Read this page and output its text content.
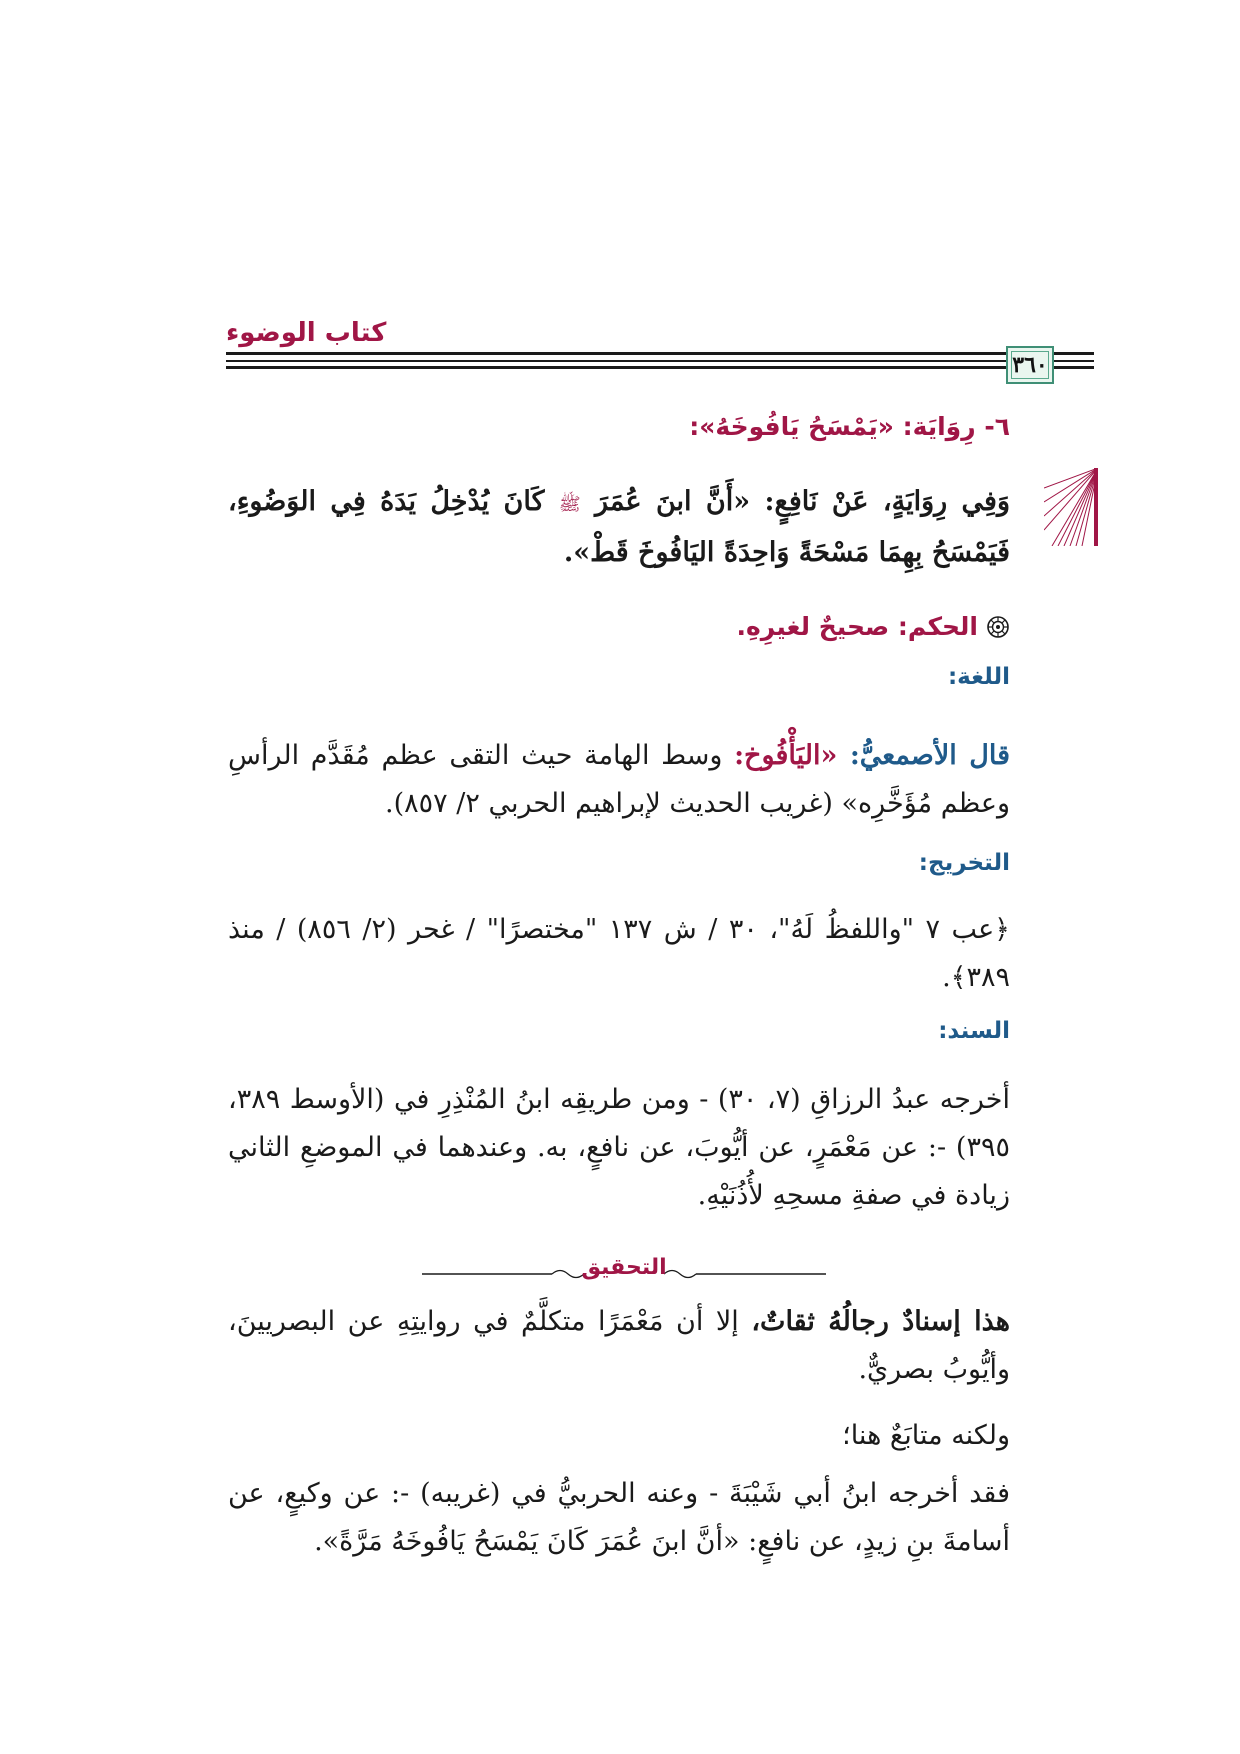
كتاب الوضوء
٣٦٠
٦- رِوَايَة: «يَمْسَحُ يَافُوخَهُ»:
وَفِي رِوَايَةٍ، عَنْ نَافِعٍ: «أَنَّ ابنَ عُمَرَ ﷺ كَانَ يُدْخِلُ يَدَهُ فِي الوَضُوءِ، فَيَمْسَحُ بِهِمَا مَسْحَةً وَاحِدَةً اليَافُوخَ قَطْ».
الحكم: صحيحٌ لغيرِهِ.
اللغة:
قال الأصمعيُّ: «اليَأْفُوخ: وسط الهامة حيث التقى عظم مُقَدَّم الرأسِ وعظم مُؤَخَّرِه» (غريب الحديث لإبراهيم الحربي ٢/ ٨٥٧).
التخريج:
﴿عب ٧ "واللفظُ لَهُ"، ٣٠ / ش ١٣٧ "مختصرًا" / غحر (٢/ ٨٥٦) / منذ ٣٨٩﴾.
السند:
أخرجه عبدُ الرزاقِ (٧، ٣٠) - ومن طريقِه ابنُ المُنْذِرِ في (الأوسط ٣٨٩، ٣٩٥) -: عن مَعْمَرٍ، عن أيُّوبَ، عن نافعٍ، به. وعندهما في الموضعِ الثاني زيادة في صفةِ مسحِهِ لأُذُنَيْهِ.
التحقيق
هذا إسنادٌ رجالُهُ ثقاتٌ، إلا أن مَعْمَرًا متكلَّمٌ في روايتِهِ عن البصريينَ، وأيُّوبُ بصريٌّ.
ولكنه متابَعٌ هنا؛
فقد أخرجه ابنُ أبي شَيْبَةَ - وعنه الحربيُّ في (غريبه) -: عن وكيعٍ، عن أسامةَ بنِ زيدٍ، عن نافعٍ: «أنَّ ابنَ عُمَرَ كَانَ يَمْسَحُ يَافُوخَهُ مَرَّةً».
